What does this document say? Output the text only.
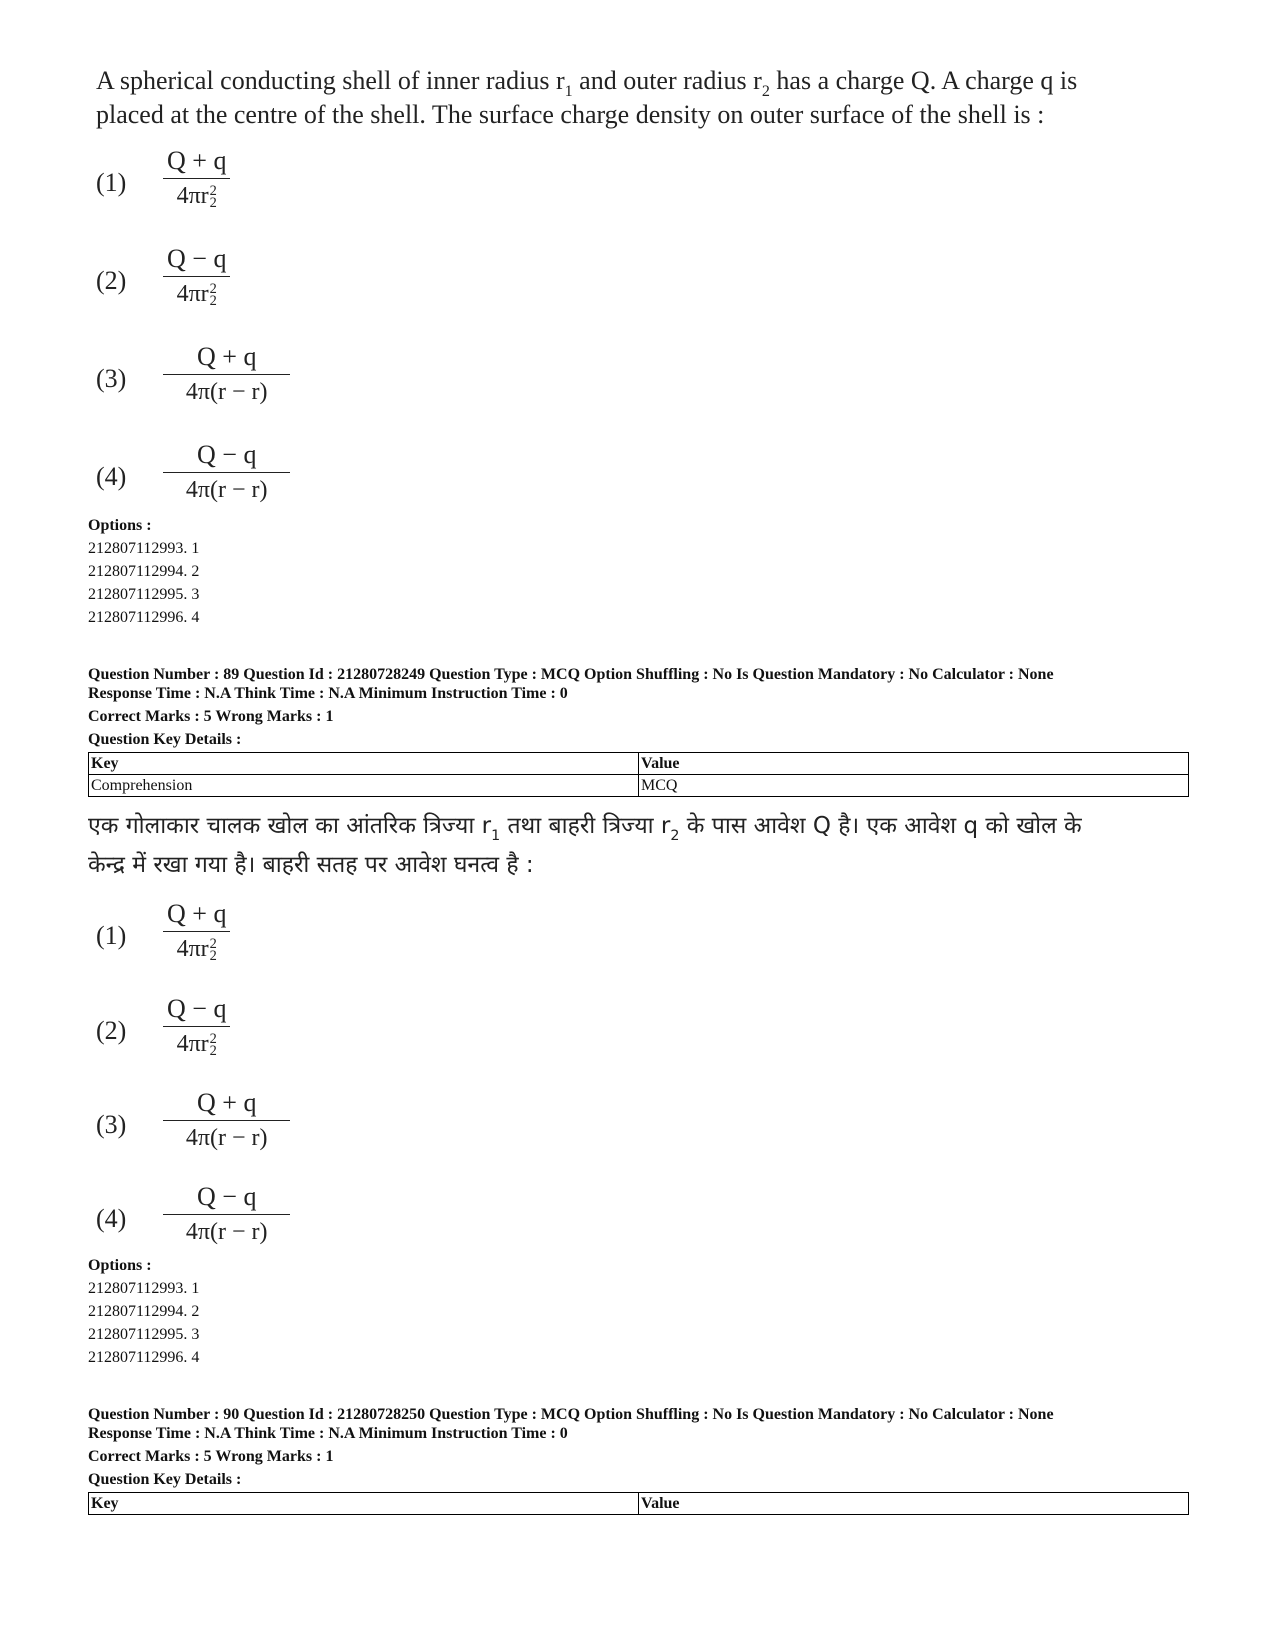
A spherical conducting shell of inner radius $r_1$ and outer radius $r_2$ has a charge Q. A charge q is
placed at the centre of the shell. The surface charge density on outer surface of the shell is :
(1) Q + q
4πr 2
2
(2) Q − q
4πr 2
2
$(3) \frac{Q + q}{4\pi(r - r)}$
$(4) \frac{Q - q}{4\pi(r - r)}$
Options :
212807112993. 1
212807112994. 2
212807112995. 3
212807112996. 4
Question Number : 89 Question Id : 21280728249 Question Type : MCQ Option Shuffling : No Is Question Mandatory : No Calculator : None
Response Time : N.A Think Time : N.A Minimum Instruction Time : 0
Correct Marks : 5 Wrong Marks : 1
Question Key Details :
Key	Value
Comprehension	MCQ
एक गोलाकार चालक खोल का आंतरिक त्रिज्या $r_1$ तथा बाहरी त्रिज्या $r_2$ के पास आवेश Q है। एक आवेश q को खोल के
केन्द्र में रखा गया है। बाहरी सतह पर आवेश घनत्व है :
(1) Q + q
4πr 2
2
(2) Q − q
4πr 2
2
$(3) \frac{Q + q}{4\pi(r - r)}$
$(4) \frac{Q - q}{4\pi(r - r)}$
Options :
212807112993. 1
212807112994. 2
212807112995. 3
212807112996. 4
Question Number : 90 Question Id : 21280728250 Question Type : MCQ Option Shuffling : No Is Question Mandatory : No Calculator : None
Response Time : N.A Think Time : N.A Minimum Instruction Time : 0
Correct Marks : 5 Wrong Marks : 1
Question Key Details :
Key	Value
